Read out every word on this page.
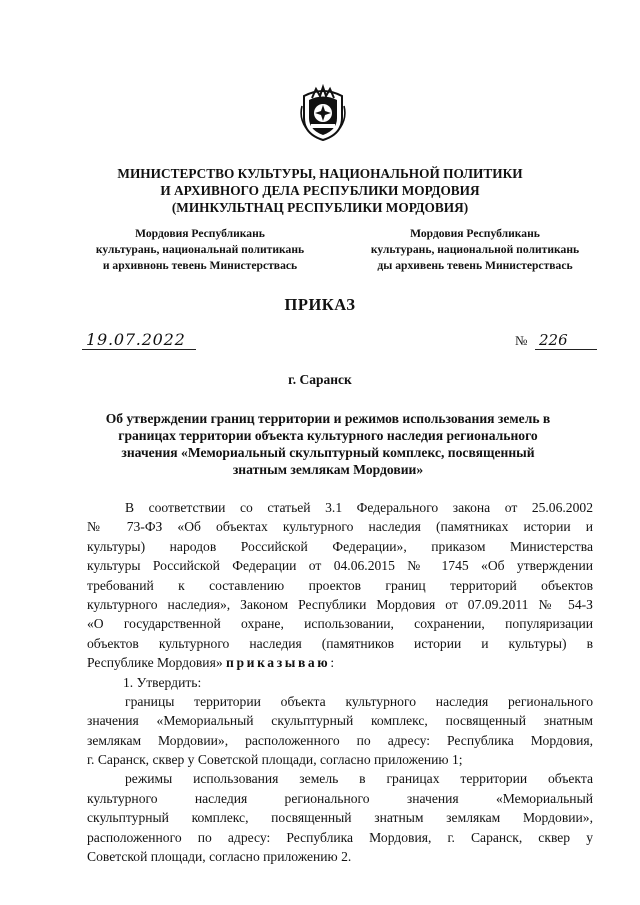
МИНИСТЕРСТВО КУЛЬТУРЫ, НАЦИОНАЛЬНОЙ ПОЛИТИКИ
И АРХИВНОГО ДЕЛА РЕСПУБЛИКИ МОРДОВИЯ
(МИНКУЛЬТНАЦ РЕСПУБЛИКИ МОРДОВИЯ)
Мордовия Республикань
культурань, национальнай политикань
и архивнонь тевень Министерствась
Мордовия Республикань
культурань, национальной политикань
ды архивень тевень Министерствась
ПРИКАЗ
19.07.2022	№ 226
г. Саранск
Об утверждении границ территории и режимов использования земель в
границах территории объекта культурного наследия регионального
значения «Мемориальный скульптурный комплекс, посвященный
знатным землякам Мордовии»
В соответствии со статьей 3.1 Федерального закона от 25.06.2002
№ 73-ФЗ «Об объектах культурного наследия (памятниках истории и
культуры) народов Российской Федерации», приказом Министерства
культуры Российской Федерации от 04.06.2015 № 1745 «Об утверждении
требований к составлению проектов границ территорий объектов
культурного наследия», Законом Республики Мордовия от 07.09.2011 № 54-З
«О государственной охране, использовании, сохранении, популяризации
объектов культурного наследия (памятников истории и культуры) в
Республике Мордовия» приказываю:
1. Утвердить:
границы территории объекта культурного наследия регионального
значения «Мемориальный скульптурный комплекс, посвященный знатным
землякам Мордовии», расположенного по адресу: Республика Мордовия,
г. Саранск, сквер у Советской площади, согласно приложению 1;
режимы использования земель в границах территории объекта
культурного наследия регионального значения «Мемориальный
скульптурный комплекс, посвященный знатным землякам Мордовии»,
расположенного по адресу: Республика Мордовия, г. Саранск, сквер у
Советской площади, согласно приложению 2.
